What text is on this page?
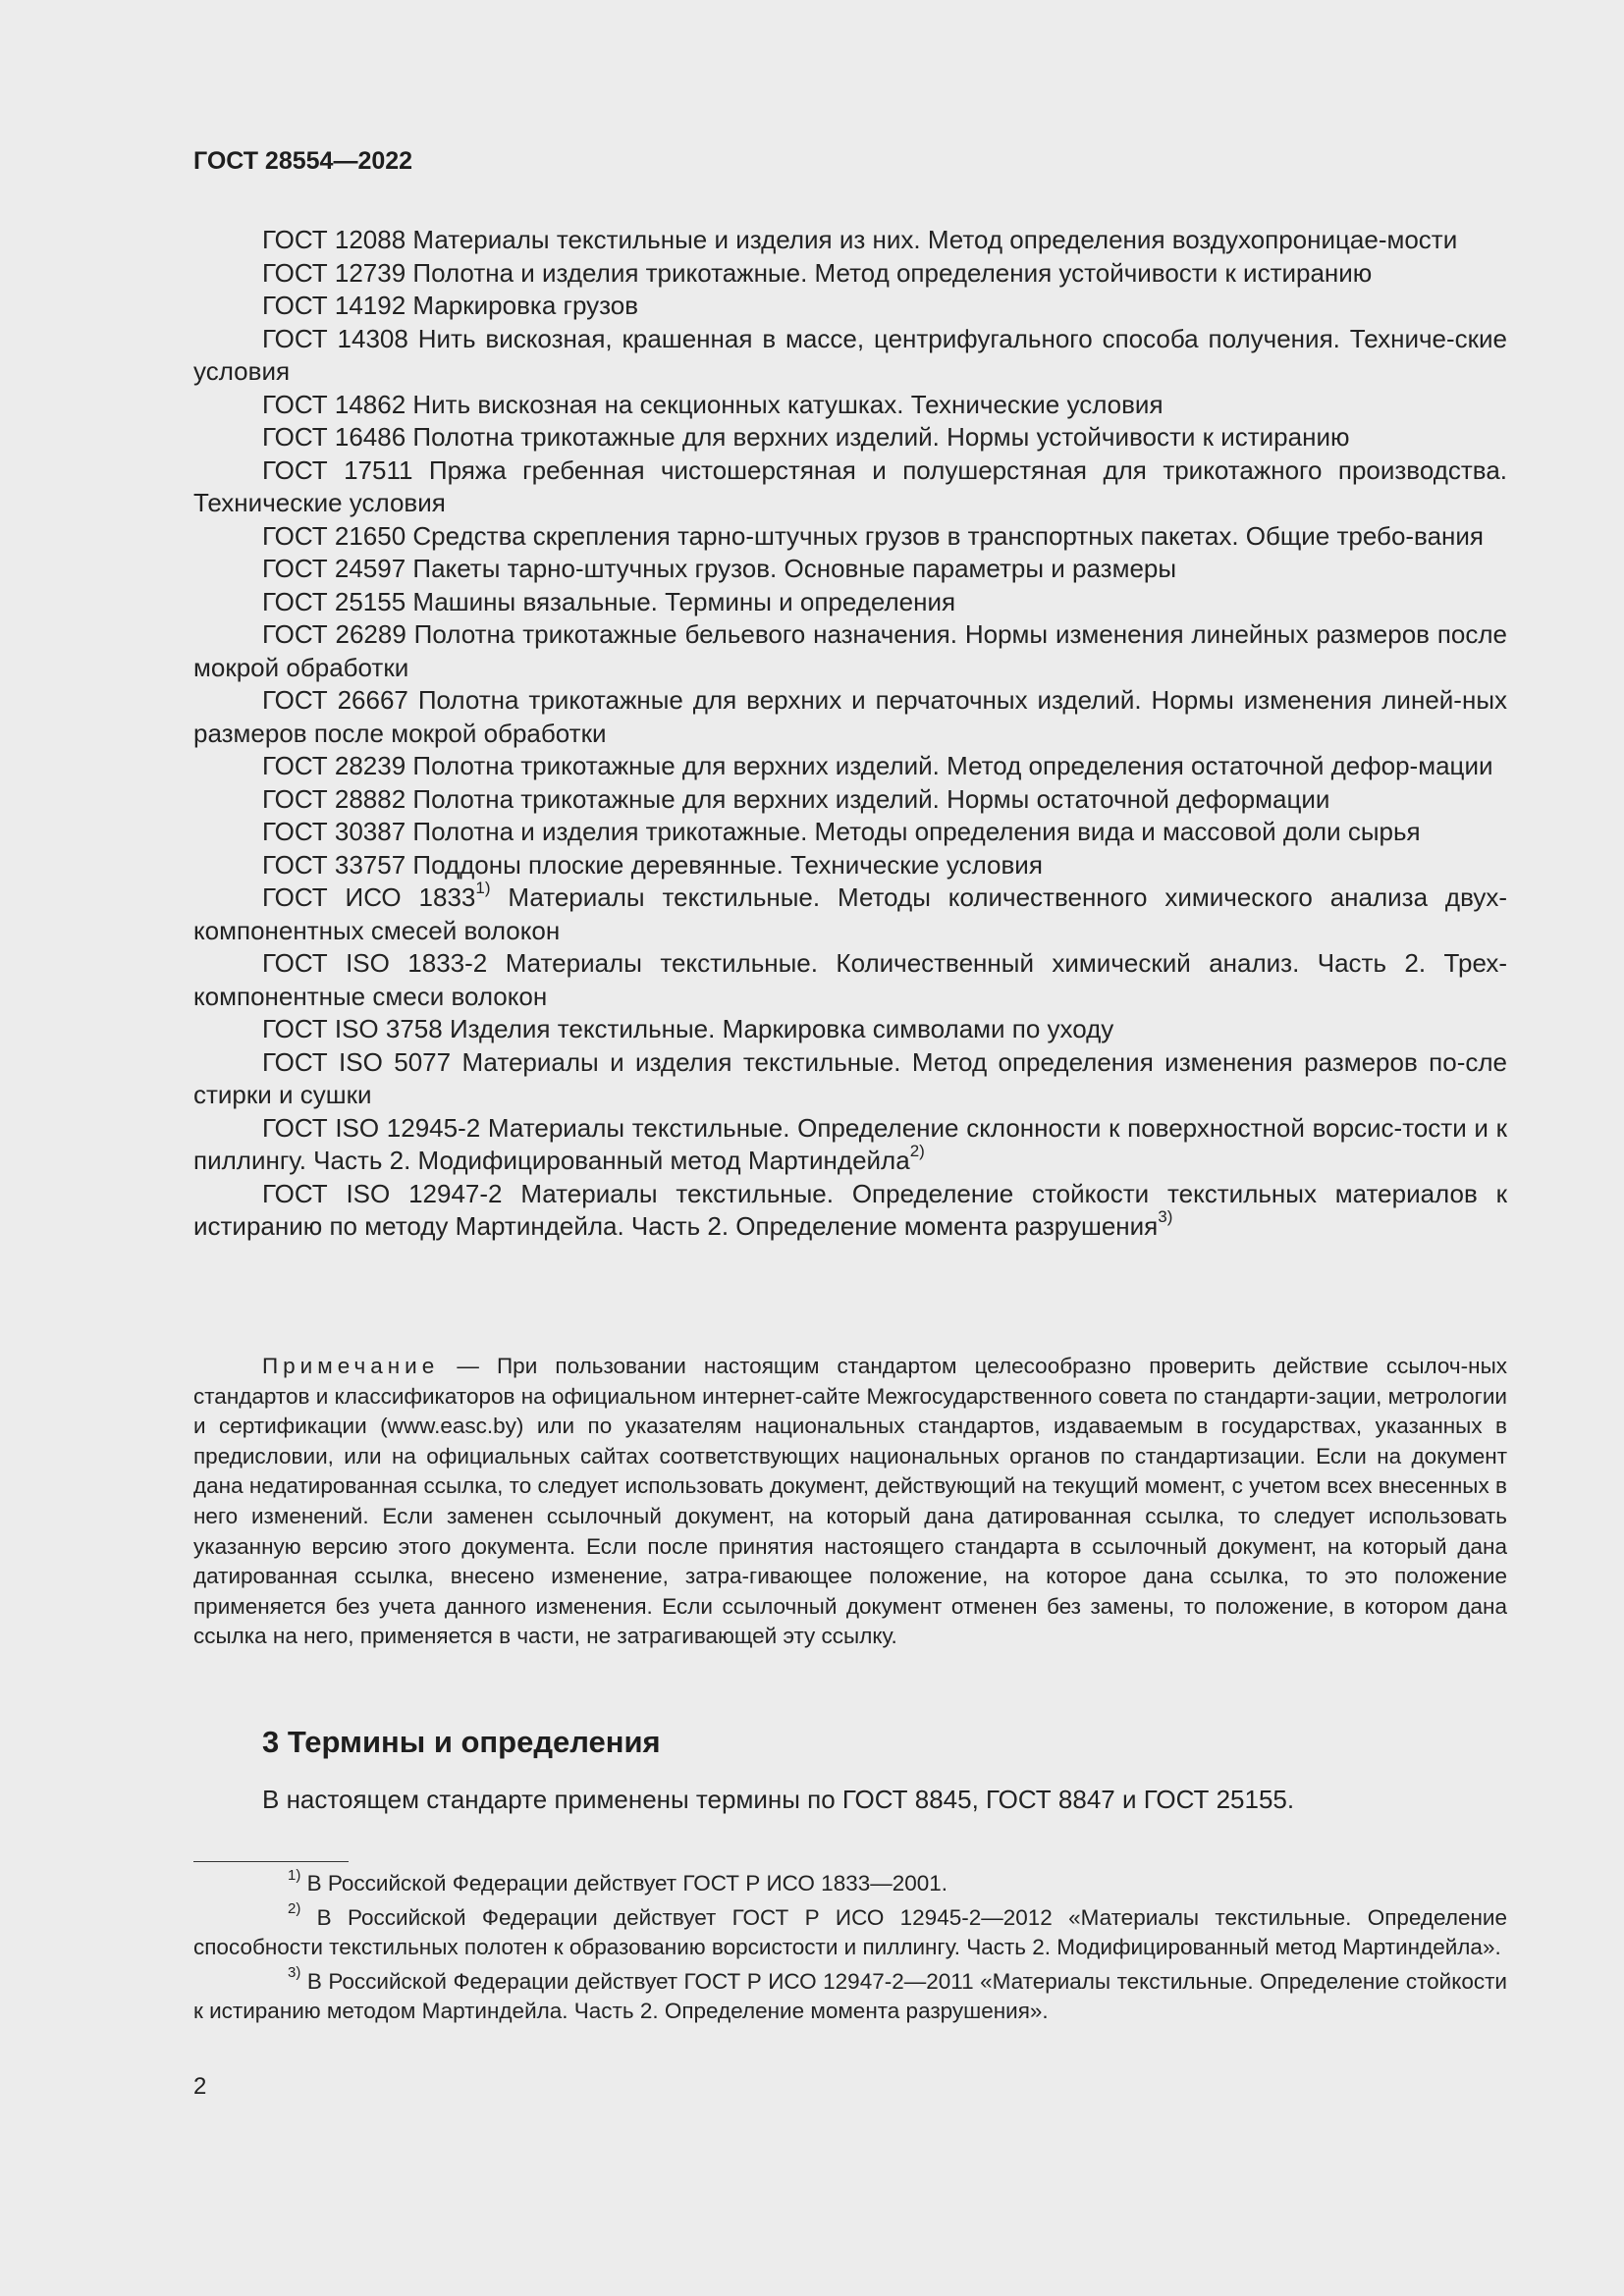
ГОСТ 28554—2022

ГОСТ 12088 Материалы текстильные и изделия из них. Метод определения воздухопроницае-мости

ГОСТ 12739 Полотна и изделия трикотажные. Метод определения устойчивости к истиранию

ГОСТ 14192 Маркировка грузов

ГОСТ 14308 Нить вискозная, крашенная в массе, центрифугального способа получения. Техниче-ские условия

ГОСТ 14862 Нить вискозная на секционных катушках. Технические условия

ГОСТ 16486 Полотна трикотажные для верхних изделий. Нормы устойчивости к истиранию

ГОСТ 17511 Пряжа гребенная чистошерстяная и полушерстяная для трикотажного производства. Технические условия

ГОСТ 21650 Средства скрепления тарно-штучных грузов в транспортных пакетах. Общие требо-вания

ГОСТ 24597 Пакеты тарно-штучных грузов. Основные параметры и размеры

ГОСТ 25155 Машины вязальные. Термины и определения

ГОСТ 26289 Полотна трикотажные бельевого назначения. Нормы изменения линейных размеров после мокрой обработки

ГОСТ 26667 Полотна трикотажные для верхних и перчаточных изделий. Нормы изменения линей-ных размеров после мокрой обработки

ГОСТ 28239 Полотна трикотажные для верхних изделий. Метод определения остаточной дефор-мации

ГОСТ 28882 Полотна трикотажные для верхних изделий. Нормы остаточной деформации

ГОСТ 30387 Полотна и изделия трикотажные. Методы определения вида и массовой доли сырья

ГОСТ 33757 Поддоны плоские деревянные. Технические условия

ГОСТ ИСО 1833$^{1)}$ Материалы текстильные. Методы количественного химического анализа двух-компонентных смесей волокон

ГОСТ ISO 1833-2 Материалы текстильные. Количественный химический анализ. Часть 2. Трех-компонентные смеси волокон

ГОСТ ISO 3758 Изделия текстильные. Маркировка символами по уходу

ГОСТ ISO 5077 Материалы и изделия текстильные. Метод определения изменения размеров по-сле стирки и сушки

ГОСТ ISO 12945-2 Материалы текстильные. Определение склонности к поверхностной ворсис-тости и к пиллингу. Часть 2. Модифицированный метод Мартиндейла$^{2)}$

ГОСТ ISO 12947-2 Материалы текстильные. Определение стойкости текстильных материалов к истиранию по методу Мартиндейла. Часть 2. Определение момента разрушения$^{3)}$

Примечание — При пользовании настоящим стандартом целесообразно проверить действие ссылоч-ных стандартов и классификаторов на официальном интернет-сайте Межгосударственного совета по стандарти-зации, метрологии и сертификации (www.easc.by) или по указателям национальных стандартов, издаваемым в государствах, указанных в предисловии, или на официальных сайтах соответствующих национальных органов по стандартизации. Если на документ дана недатированная ссылка, то следует использовать документ, действующий на текущий момент, с учетом всех внесенных в него изменений. Если заменен ссылочный документ, на который дана датированная ссылка, то следует использовать указанную версию этого документа. Если после принятия настоящего стандарта в ссылочный документ, на который дана датированная ссылка, внесено изменение, затра-гивающее положение, на которое дана ссылка, то это положение применяется без учета данного изменения. Если ссылочный документ отменен без замены, то положение, в котором дана ссылка на него, применяется в части, не затрагивающей эту ссылку.

3 Термины и определения

В настоящем стандарте применены термины по ГОСТ 8845, ГОСТ 8847 и ГОСТ 25155.

$^{1)}$ В Российской Федерации действует ГОСТ Р ИСО 1833—2001.

$^{2)}$ В Российской Федерации действует ГОСТ Р ИСО 12945-2—2012 «Материалы текстильные. Определение способности текстильных полотен к образованию ворсистости и пиллингу. Часть 2. Модифицированный метод Мартиндейла».

$^{3)}$ В Российской Федерации действует ГОСТ Р ИСО 12947-2—2011 «Материалы текстильные. Определение стойкости к истиранию методом Мартиндейла. Часть 2. Определение момента разрушения».

2
